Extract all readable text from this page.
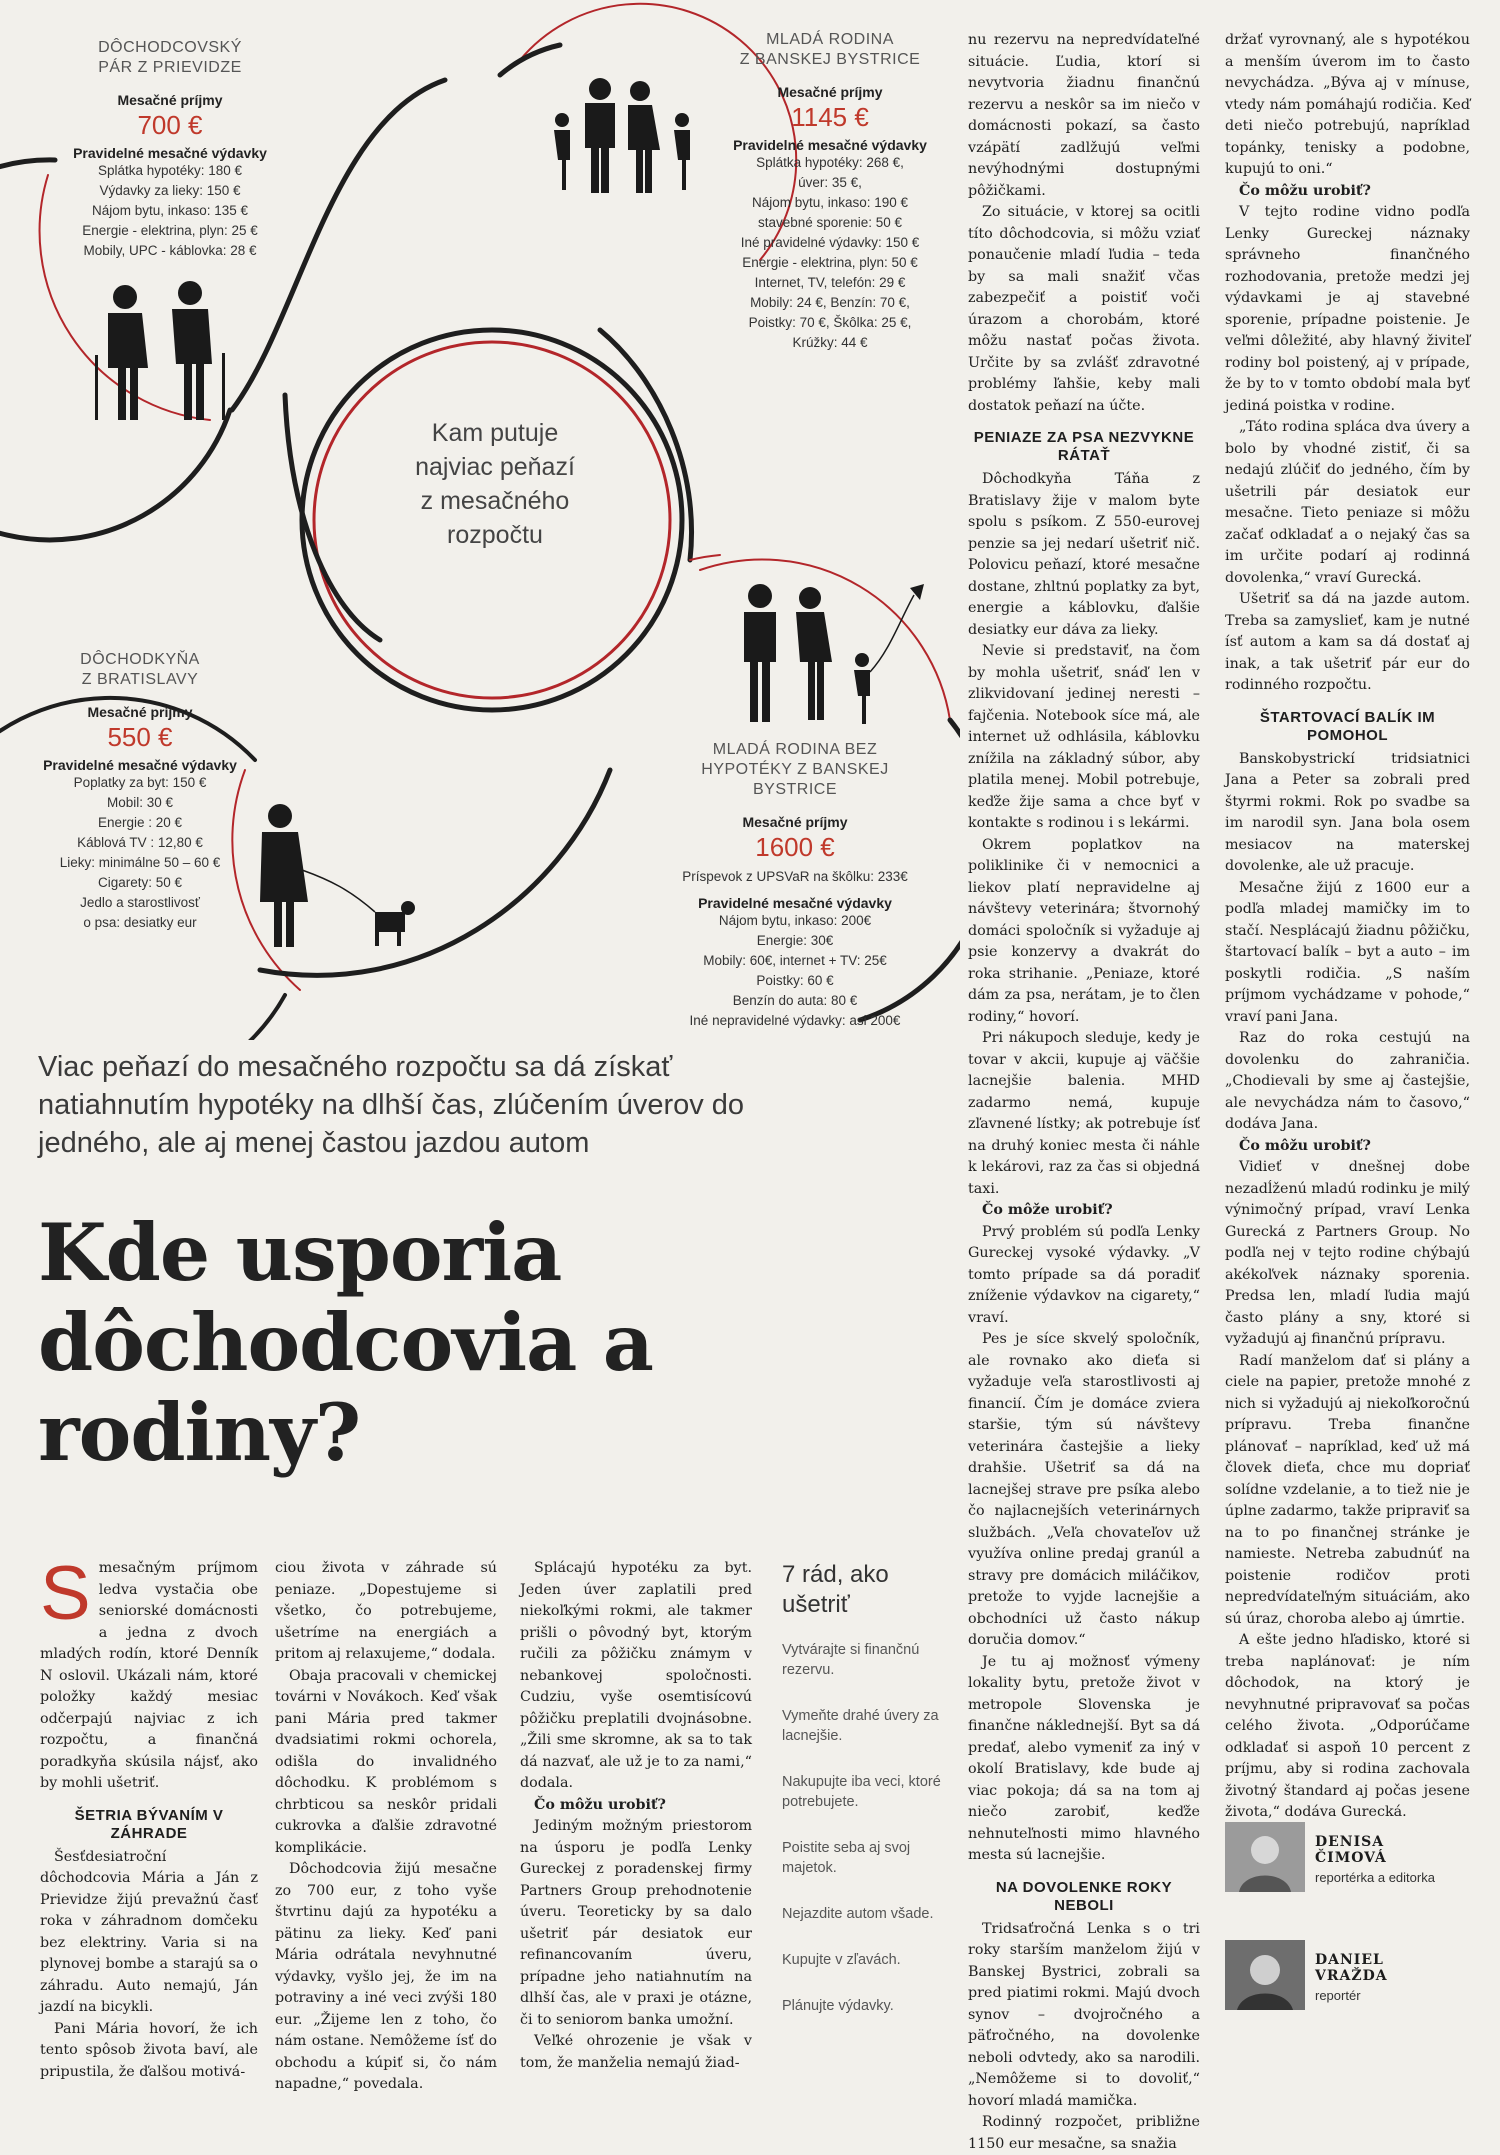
Kam putuje
najviac peňazí
z mesačného
rozpočtu
DÔCHODCOVSKÝ
PÁR Z PRIEVIDZE
Mesačné príjmy
700 €
Pravidelné mesačné výdavky
Splátka hypotéky: 180 €
Výdavky za lieky: 150 €
Nájom bytu, inkaso: 135 €
Energie - elektrina, plyn: 25 €
Mobily, UPC - káblovka: 28 €
MLADÁ RODINA
Z BANSKEJ BYSTRICE
Mesačné príjmy
1145 €
Pravidelné mesačné výdavky
Splátka hypotéky: 268 €,
úver: 35 €,
Nájom bytu, inkaso: 190 €
stavebné sporenie: 50 €
Iné pravidelné výdavky: 150 €
Energie - elektrina, plyn: 50 €
Internet, TV, telefón: 29 €
Mobily: 24 €, Benzín: 70 €,
Poistky: 70 €, Škôlka: 25 €,
Krúžky: 44 €
DÔCHODKYŇA
Z BRATISLAVY
Mesačné príjmy
550 €
Pravidelné mesačné výdavky
Poplatky za byt: 150 €
Mobil: 30 €
Energie : 20 €
Káblová TV : 12,80 €
Lieky: minimálne 50 – 60 €
Cigarety: 50 €
Jedlo a starostlivosť
o psa: desiatky eur
MLADÁ RODINA BEZ
HYPOTÉKY Z BANSKEJ BYSTRICE
Mesačné príjmy
1600 €
Príspevok z UPSVaR na škôlku: 233€
Pravidelné mesačné výdavky
Nájom bytu, inkaso: 200€
Energie: 30€
Mobily: 60€, internet + TV: 25€
Poistky: 60 €
Benzín do auta: 80 €
Iné nepravidelné výdavky: asi 200€
Viac peňazí do mesačného rozpočtu sa dá získať natiahnutím hypotéky na dlhší čas, zlúčením úverov do jedného, ale aj menej častou jazdou autom
Kde usporia dôchodcovia a rodiny?
S mesačným príjmom ledva vystačia obe seniorské domácnosti a jedna z dvoch mladých rodín, ktoré Denník N oslovil. Ukázali nám, ktoré položky každý mesiac odčerpajú najviac z ich rozpočtu, a finančná poradkyňa skúsila nájsť, ako by mohli ušetriť.

ŠETRIA BÝVANÍM V ZÁHRADE

Šesťdesiatroční dôchodcovia Mária a Ján z Prievidze žijú prevažnú časť roka v záhradnom domčeku bez elektriny. Varia si na plynovej bombe a starajú sa o záhradu. Auto nemajú, Ján jazdí na bicykli.

Pani Mária hovorí, že ich tento spôsob života baví, ale pripustila, že ďalšou motivá-

ciou života v záhrade sú peniaze. „Dopestujeme si všetko, čo potrebujeme, ušetríme na energiách a pritom aj relaxujeme,“ dodala.

Obaja pracovali v chemickej továrni v Novákoch. Keď však pani Mária pred takmer dvadsiatimi rokmi ochorela, odišla do invalidného dôchodku. K problémom s chrbticou sa neskôr pridali cukrovka a ďalšie zdravotné komplikácie.

Dôchodcovia žijú mesačne zo 700 eur, z toho vyše štvrtinu dajú za hypotéku a pätinu za lieky. Keď pani Mária odrátala nevyhnutné výdavky, vyšlo jej, že im na potraviny a iné veci zvýši 180 eur. „Žijeme len z toho, čo nám ostane. Nemôžeme ísť do obchodu a kúpiť si, čo nám napadne,“ povedala.

Splácajú hypotéku za byt. Jeden úver zaplatili pred niekoľkými rokmi, ale takmer prišli o pôvodný byt, ktorým ručili za pôžičku známym v nebankovej spoločnosti. Cudziu, vyše osemtisícovú pôžičku preplatili dvojnásobne. „Žili sme skromne, ak sa to tak dá nazvať, ale už je to za nami,“ dodala.

Čo môžu urobiť?

Jediným možným priestorom na úsporu je podľa Lenky Gureckej z poradenskej firmy Partners Group prehodnotenie úveru. Teoreticky by sa dalo ušetriť pár desiatok eur refinancovaním úveru, prípadne jeho natiahnutím na dlhší čas, ale v praxi je otázne, či to seniorom banka umožní.

Veľké ohrozenie je však v tom, že manželia nemajú žiad-

7 rád, ako ušetriť
Vytvárajte si finančnú rezervu.
Vymeňte drahé úvery za lacnejšie.
Nakupujte iba veci, ktoré potrebujete.
Poistite seba aj svoj majetok.
Nejazdite autom všade.
Kupujte v zľavách.
Plánujte výdavky.

nu rezervu na nepredvídateľné situácie. Ľudia, ktorí si nevytvoria žiadnu finančnú rezervu a neskôr sa im niečo v domácnosti pokazí, sa často vzápätí zadlžujú veľmi nevýhodnými dostupnými pôžičkami.

Zo situácie, v ktorej sa ocitli títo dôchodcovia, si môžu vziať ponaučenie mladí ľudia – teda by sa mali snažiť včas zabezpečiť a poistiť voči úrazom a chorobám, ktoré môžu nastať počas života. Určite by sa zvlášť zdravotné problémy ľahšie, keby mali dostatok peňazí na účte.

PENIAZE ZA PSA NEZVYKNE RÁTAŤ

Dôchodkyňa Táňa z Bratislavy žije v malom byte spolu s psíkom. Z 550-eurovej penzie sa jej nedarí ušetriť nič. Polovicu peňazí, ktoré mesačne dostane, zhltnú poplatky za byt, energie a káblovku, ďalšie desiatky eur dáva za lieky.

Nevie si predstaviť, na čom by mohla ušetriť, snáď len v zlikvidovaní jedinej neresti – fajčenia. Notebook síce má, ale internet už odhlásila, káblovku znížila na základný súbor, aby platila menej. Mobil potrebuje, keďže žije sama a chce byť v kontakte s rodinou i s lekármi.

Okrem poplatkov na poliklinike či v nemocnici a liekov platí nepravidelne aj návštevy veterinára; štvornohý domáci spoločník si vyžaduje aj psie konzervy a dvakrát do roka strihanie. „Peniaze, ktoré dám za psa, nerátam, je to člen rodiny,“ hovorí.

Pri nákupoch sleduje, kedy je tovar v akcii, kupuje aj väčšie lacnejšie balenia. MHD zadarmo nemá, kupuje zľavnené lístky; ak potrebuje ísť na druhý koniec mesta či náhle k lekárovi, raz za čas si objedná taxi.

Čo môže urobiť?

Prvý problém sú podľa Lenky Gureckej vysoké výdavky. „V tomto prípade sa dá poradiť zníženie výdavkov na cigarety,“ vraví.

Pes je síce skvelý spoločník, ale rovnako ako dieťa si vyžaduje veľa starostlivosti aj financií. Čím je domáce zviera staršie, tým sú návštevy veterinára častejšie a lieky drahšie. Ušetriť sa dá na lacnejšej strave pre psíka alebo čo najlacnejších veterinárnych službách. „Veľa chovateľov už využíva online predaj granúl a stravy pre domácich miláčikov, pretože to vyjde lacnejšie a obchodníci už často nákup doručia domov.“

Je tu aj možnosť výmeny lokality bytu, pretože život v metropole Slovenska je finančne náklednejší. Byt sa dá predať, alebo vymeniť za iný v okolí Bratislavy, kde bude aj viac pokoja; dá sa na tom aj niečo zarobiť, keďže nehnuteľnosti mimo hlavného mesta sú lacnejšie.

NA DOVOLENKE ROKY NEBOLI

Tridsaťročná Lenka s o tri roky starším manželom žijú v Banskej Bystrici, zobrali sa pred piatimi rokmi. Majú dvoch synov – dvojročného a päťročného, na dovolenke neboli odvtedy, ako sa narodili. „Nemôžeme si to dovoliť,“ hovorí mladá mamička.

Rodinný rozpočet, približne 1150 eur mesačne, sa snažia

držať vyrovnaný, ale s hypotékou a menším úverom im to často nevychádza. „Býva aj v mínuse, vtedy nám pomáhajú rodičia. Keď deti niečo potrebujú, napríklad topánky, tenisky a podobne, kupujú to oni.“

Čo môžu urobiť?

V tejto rodine vidno podľa Lenky Gureckej náznaky správneho finančného rozhodovania, pretože medzi jej výdavkami je aj stavebné sporenie, prípadne poistenie. Je veľmi dôležité, aby hlavný živiteľ rodiny bol poistený, aj v prípade, že by to v tomto období mala byť jediná poistka v rodine.

„Táto rodina spláca dva úvery a bolo by vhodné zistiť, či sa nedajú zlúčiť do jedného, čím by ušetrili pár desiatok eur mesačne. Tieto peniaze si môžu začať odkladať a o nejaký čas sa im určite podarí aj rodinná dovolenka,“ vraví Gurecká.

Ušetriť sa dá na jazde autom. Treba sa zamyslieť, kam je nutné ísť autom a kam sa dá dostať aj inak, a tak ušetriť pár eur do rodinného rozpočtu.

ŠTARTOVACÍ BALÍK IM POMOHOL

Banskobystrickí tridsiatnici Jana a Peter sa zobrali pred štyrmi rokmi. Rok po svadbe sa im narodil syn. Jana bola osem mesiacov na materskej dovolenke, ale už pracuje.

Mesačne žijú z 1600 eur a podľa mladej mamičky im to stačí. Nesplácajú žiadnu pôžičku, štartovací balík – byt a auto – im poskytli rodičia. „S naším príjmom vychádzame v pohode,“ vraví pani Jana.

Raz do roka cestujú na dovolenku do zahraničia. „Chodievali by sme aj častejšie, ale nevychádza nám to časovo,“ dodáva Jana.

Čo môžu urobiť?

Vidieť v dnešnej dobe nezadĺženú mladú rodinku je milý výnimočný prípad, vraví Lenka Gurecká z Partners Group. No podľa nej v tejto rodine chýbajú akékoľvek náznaky sporenia. Predsa len, mladí ľudia majú často plány a sny, ktoré si vyžadujú aj finančnú prípravu.

Radí manželom dať si plány a ciele na papier, pretože mnohé z nich si vyžadujú aj niekoľkoročnú prípravu. Treba finančne plánovať – napríklad, keď už má človek dieťa, chce mu dopriať solídne vzdelanie, a to tiež nie je úplne zadarmo, takže pripraviť sa na to po finančnej stránke je namieste. Netreba zabudnúť na poistenie rodičov proti nepredvídateľným situáciám, ako sú úraz, choroba alebo aj úmrtie.

A ešte jedno hľadisko, ktoré si treba naplánovať: je ním dôchodok, na ktorý je nevyhnutné pripravovať sa počas celého života. „Odporúčame odkladať si aspoň 10 percent z príjmu, aby si rodina zachovala životný štandard aj počas jesene života,“ dodáva Gurecká.

DENISA
ČIMOVÁ
reportérka a editorka
DANIEL
VRAŽDA
reportér
